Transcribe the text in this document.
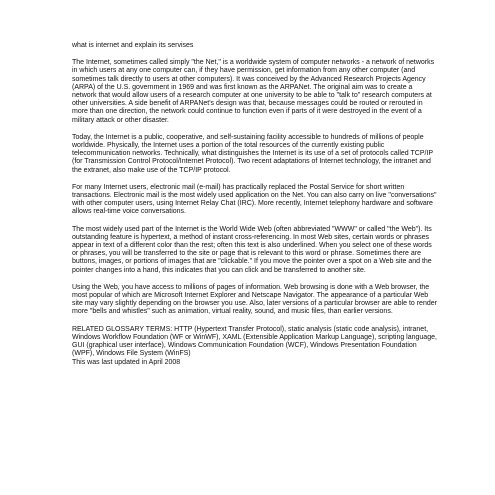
what is internet and explain its servises

The Internet, sometimes called simply "the Net," is a worldwide system of computer networks - a network of networks in which users at any one computer can, if they have permission, get information from any other computer (and sometimes talk directly to users at other computers). It was conceived by the Advanced Research Projects Agency (ARPA) of the U.S. government in 1969 and was first known as the ARPANet. The original aim was to create a network that would allow users of a research computer at one university to be able to "talk to" research computers at other universities. A side benefit of ARPANet's design was that, because messages could be routed or rerouted in more than one direction, the network could continue to function even if parts of it were destroyed in the event of a military attack or other disaster.

Today, the Internet is a public, cooperative, and self-sustaining facility accessible to hundreds of millions of people worldwide. Physically, the Internet uses a portion of the total resources of the currently existing public telecommunication networks. Technically, what distinguishes the Internet is its use of a set of protocols called TCP/IP (for Transmission Control Protocol/Internet Protocol). Two recent adaptations of Internet technology, the intranet and the extranet, also make use of the TCP/IP protocol.

For many Internet users, electronic mail (e-mail) has practically replaced the Postal Service for short written transactions. Electronic mail is the most widely used application on the Net. You can also carry on live "conversations" with other computer users, using Internet Relay Chat (IRC). More recently, Internet telephony hardware and software allows real-time voice conversations.

The most widely used part of the Internet is the World Wide Web (often abbreviated "WWW" or called "the Web"). Its outstanding feature is hypertext, a method of instant cross-referencing. In most Web sites, certain words or phrases appear in text of a different color than the rest; often this text is also underlined. When you select one of these words or phrases, you will be transferred to the site or page that is relevant to this word or phrase. Sometimes there are buttons, images, or portions of images that are "clickable." If you move the pointer over a spot on a Web site and the pointer changes into a hand, this indicates that you can click and be transferred to another site.

Using the Web, you have access to millions of pages of information. Web browsing is done with a Web browser, the most popular of which are Microsoft Internet Explorer and Netscape Navigator. The appearance of a particular Web site may vary slightly depending on the browser you use. Also, later versions of a particular browser are able to render more "bells and whistles" such as animation, virtual reality, sound, and music files, than earlier versions.

RELATED GLOSSARY TERMS: HTTP (Hypertext Transfer Protocol), static analysis (static code analysis), intranet, Windows Workflow Foundation (WF or WinWF), XAML (Extensible Application Markup Language), scripting language, GUI (graphical user interface), Windows Communication Foundation (WCF), Windows Presentation Foundation (WPF), Windows File System (WinFS)
This was last updated in April 2008
